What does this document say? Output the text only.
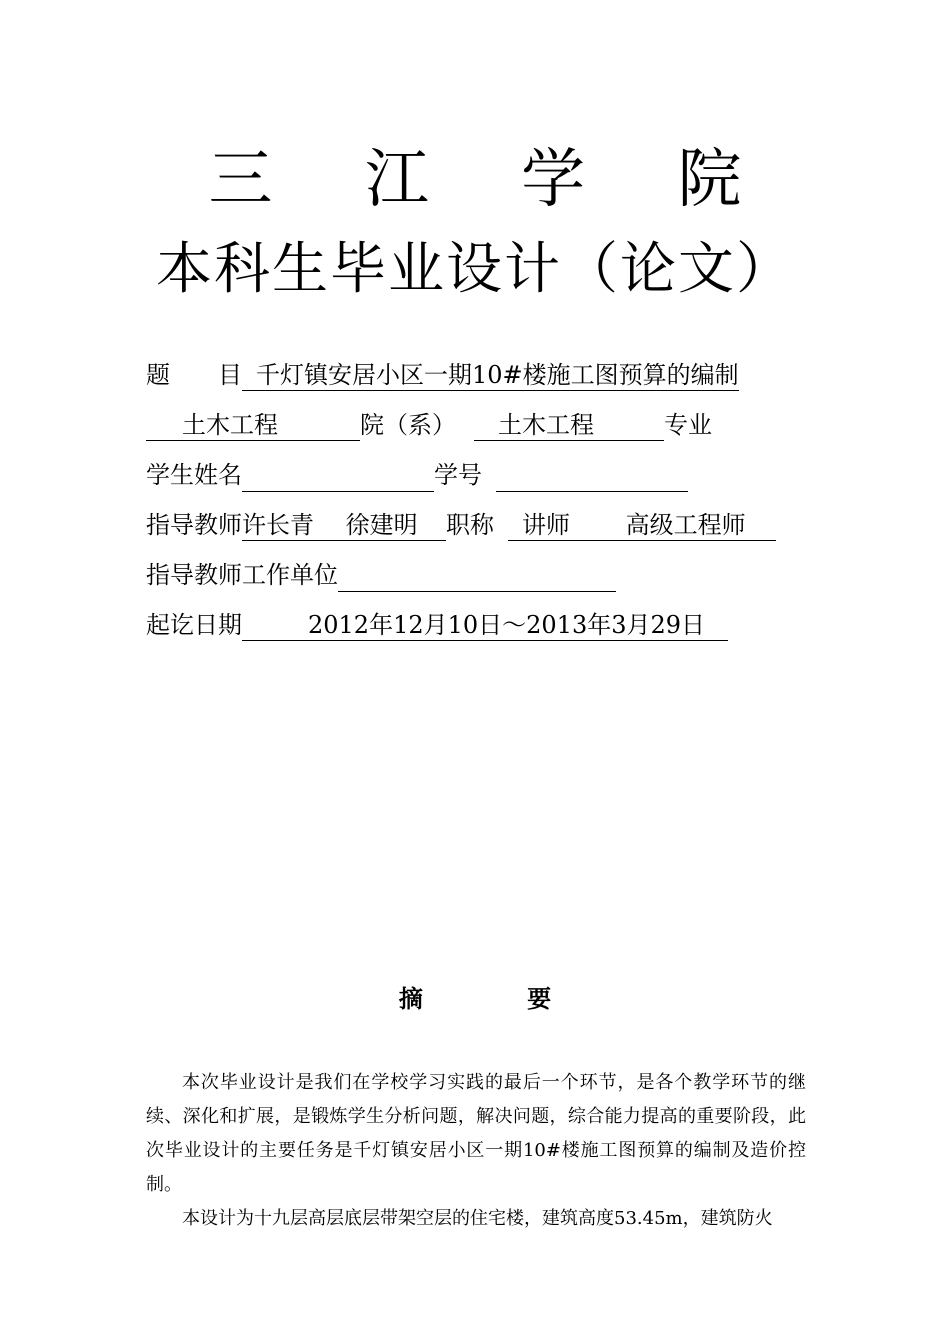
三 江 学 院
本科生毕业设计（论文）
题　　目 千灯镇安居小区一期10#楼施工图预算的编制
土木工程	院（系） 土木工程	专业
学生姓名	学号
指导教师许长青　 徐建明 职称 讲师　　 高级工程师
指导教师工作单位
起讫日期	2012年12月10日～2013年3月29日
摘 要

本次毕业设计是我们在学校学习实践的最后一个环节，是各个教学环节的继续、深化和扩展，是锻炼学生分析问题，解决问题，综合能力提高的重要阶段，此次毕业设计的主要任务是千灯镇安居小区一期10#楼施工图预算的编制及造价控制。

本设计为十九层高层底层带架空层的住宅楼，建筑高度53.45m，建筑防火
